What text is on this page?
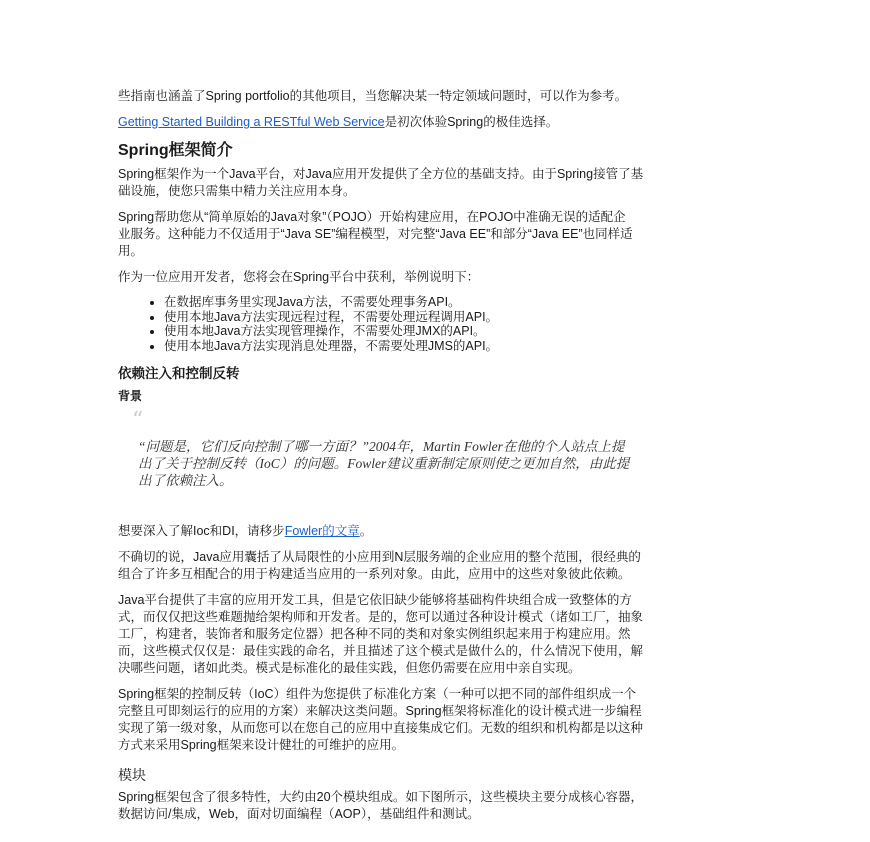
些指南也涵盖了Spring portfolio的其他项目，当您解决某一特定领域问题时，可以作为参考。

Getting Started Building a RESTful Web Service是初次体验Spring的极佳选择。

Spring框架简介

Spring框架作为一个Java平台，对Java应用开发提供了全方位的基础支持。由于Spring接管了基
础设施，使您只需集中精力关注应用本身。

Spring帮助您从“简单原始的Java对象”（POJO）开始构建应用，在POJO中准确无误的适配企
业服务。这种能力不仅适用于“Java SE”编程模型，对完整“Java EE”和部分“Java EE”也同样适
用。

作为一位应用开发者，您将会在Spring平台中获利，举例说明下：

• 在数据库事务里实现Java方法，不需要处理事务API。
• 使用本地Java方法实现远程过程，不需要处理远程调用API。
• 使用本地Java方法实现管理操作，不需要处理JMX的API。
• 使用本地Java方法实现消息处理器，不需要处理JMS的API。
依赖注入和控制反转
背景
“
“问题是，它们反向控制了哪一方面？”2004年，Martin Fowler在他的个人站点上提
出了关于控制反转（IoC）的问题。Fowler建议重新制定原则使之更加自然，由此提
出了依赖注入。

想要深入了解Ioc和DI，请移步Fowler的文章。

不确切的说，Java应用囊括了从局限性的小应用到N层服务端的企业应用的整个范围，很经典的
组合了许多互相配合的用于构建适当应用的一系列对象。由此，应用中的这些对象彼此依赖。

Java平台提供了丰富的应用开发工具，但是它依旧缺少能够将基础构件块组合成一致整体的方
式，而仅仅把这些难题抛给架构师和开发者。是的，您可以通过各种设计模式（诸如工厂，抽象
工厂，构建者，装饰者和服务定位器）把各种不同的类和对象实例组织起来用于构建应用。然
而，这些模式仅仅是：最佳实践的命名，并且描述了这个模式是做什么的，什么情况下使用，解
决哪些问题，诸如此类。模式是标准化的最佳实践，但您仍需要在应用中亲自实现。

Spring框架的控制反转（IoC）组件为您提供了标准化方案（一种可以把不同的部件组织成一个
完整且可即刻运行的应用的方案）来解决这类问题。Spring框架将标准化的设计模式进一步编程
实现了第一级对象，从而您可以在您自己的应用中直接集成它们。无数的组织和机构都是以这种
方式来采用Spring框架来设计健壮的可维护的应用。

模块

Spring框架包含了很多特性，大约由20个模块组成。如下图所示，这些模块主要分成核心容器，
数据访问/集成，Web，面对切面编程（AOP），基础组件和测试。
